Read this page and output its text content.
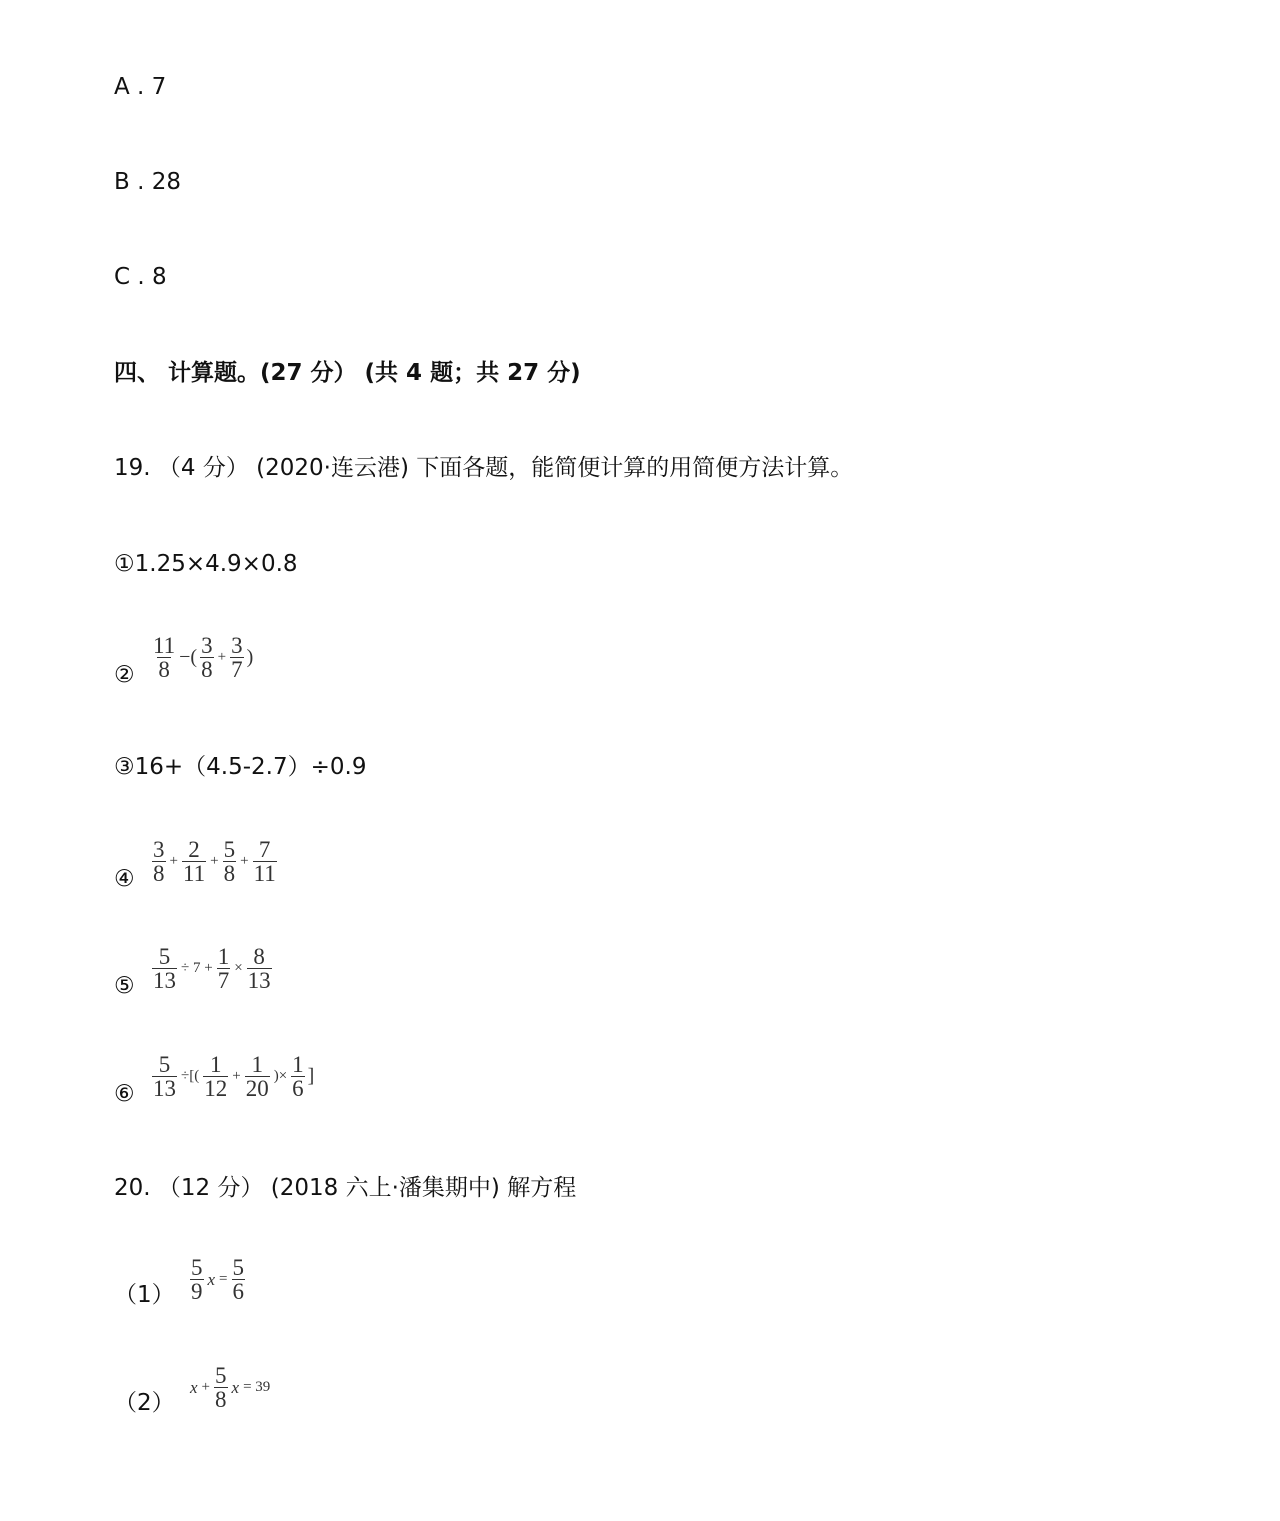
A . 7
B . 28
C . 8
四、 计算题。(27 分） (共 4 题；共 27 分)
19. （4 分） (2020·连云港) 下面各题，能简便计算的用简便方法计算。
①1.25×4.9×0.8
② $\frac{11}{8}$ −( $\frac{3}{8} + \frac{3}{7}$ )
③16+（4.5-2.7）÷0.9
④ $\frac{3}{8} + \frac{2}{11} + \frac{5}{8} + \frac{7}{11}$
⑤ $\frac{5}{13} \div 7 + \frac{1}{7} \times \frac{8}{13}$
⑥ $\frac{5}{13}$ ÷[( $\frac{1}{12} + \frac{1}{20}$ )× $\frac{1}{6}$ ]
20. （12 分） (2018 六上·潘集期中) 解方程
$(1) \frac{5}{9}$ $x = \frac{5}{6}$
（2）
$x + \frac{5}{8}$ x = 39
